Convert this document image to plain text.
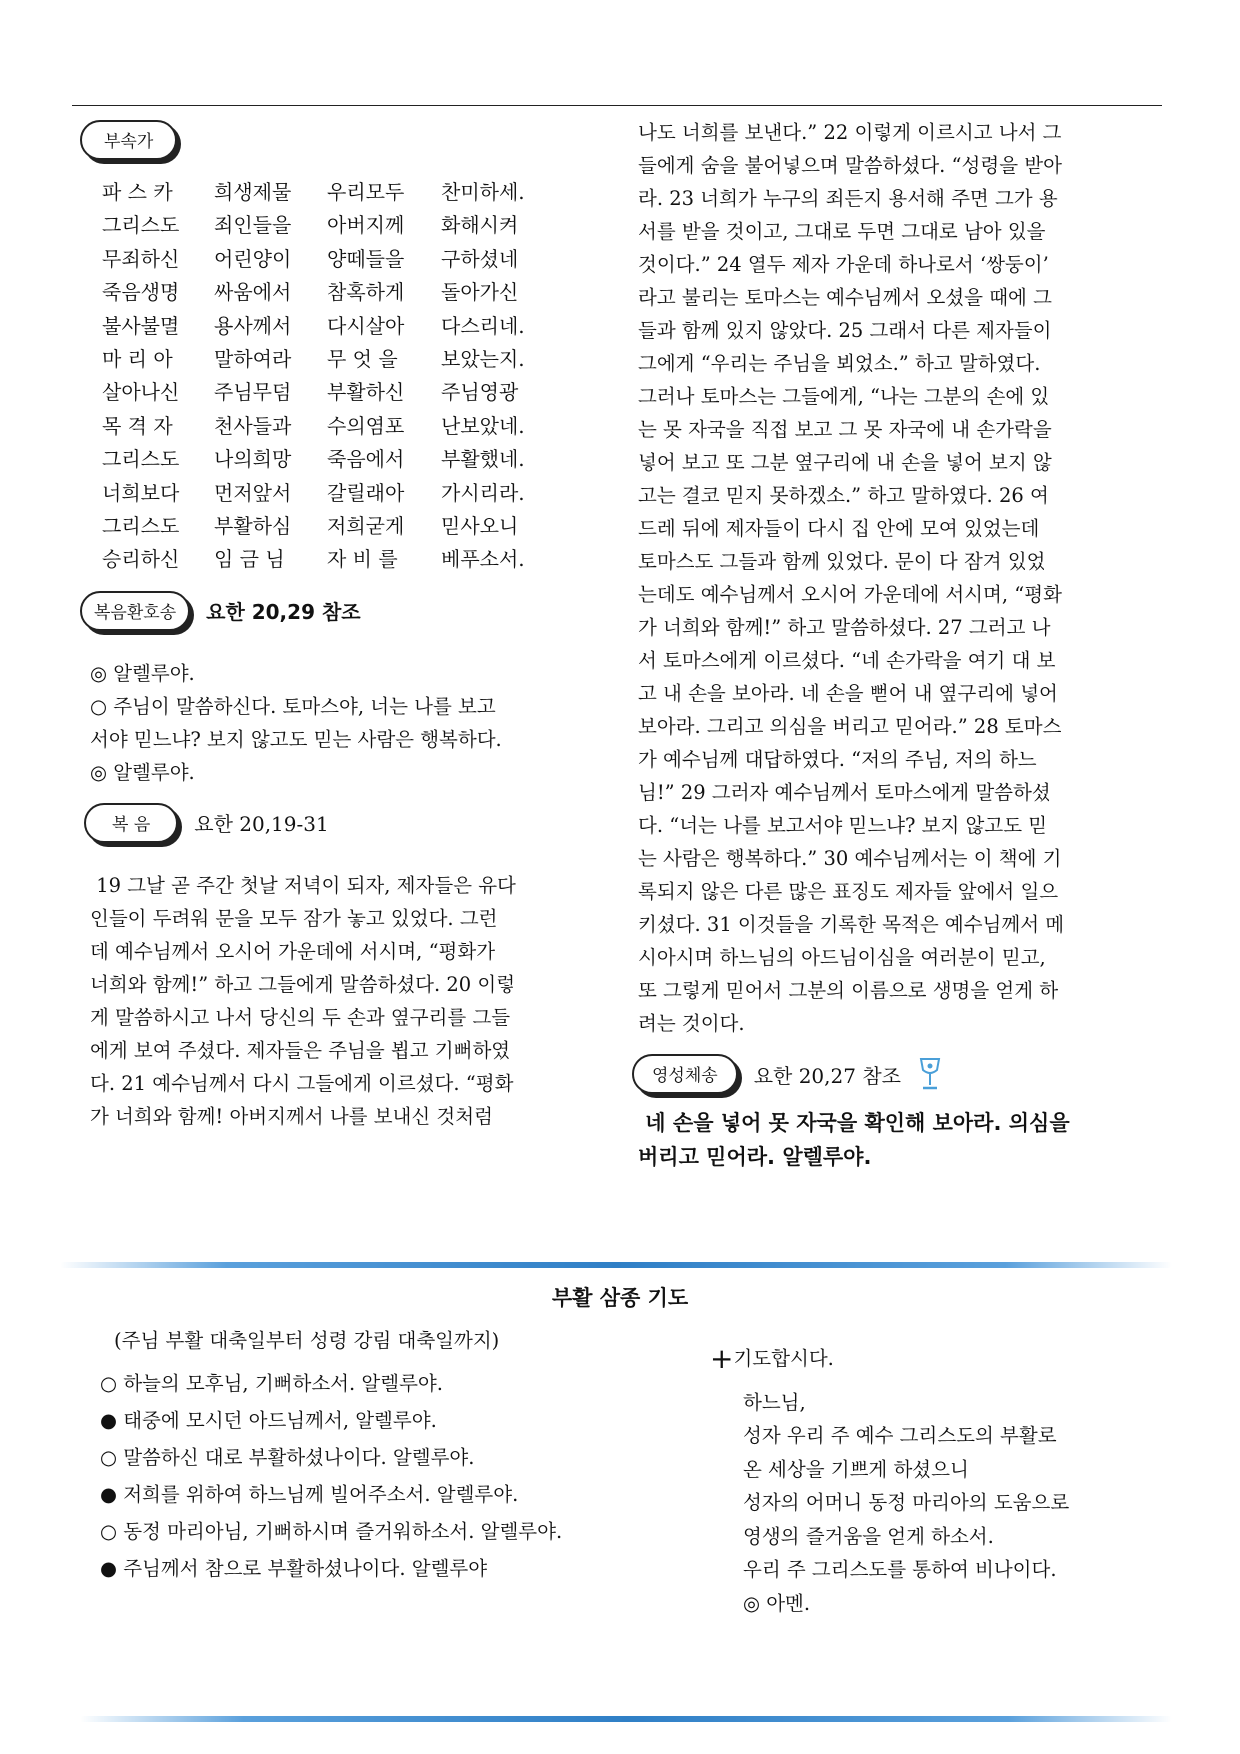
부속가
파 스 카	희생제물	우리모두	찬미하세.
그리스도	죄인들을	아버지께	화해시켜
무죄하신	어린양이	양떼들을	구하셨네
죽음생명	싸움에서	참혹하게	돌아가신
불사불멸	용사께서	다시살아	다스리네.
마 리 아	말하여라	무 엇 을	보았는지.
살아나신	주님무덤	부활하신	주님영광
목 격 자	천사들과	수의염포	난보았네.
그리스도	나의희망	죽음에서	부활했네.
너희보다	먼저앞서	갈릴래아	가시리라.
그리스도	부활하심	저희굳게	믿사오니
승리하신	임 금 님	자 비 를	베푸소서.
복음환호송	요한 20,29 참조
◎ 알렐루야.
○ 주님이 말씀하신다. 토마스야, 너는 나를 보고
서야 믿느냐? 보지 않고도 믿는 사람은 행복하다.
◎ 알렐루야.
복 음	요한 20,19-31
19 그날 곧 주간 첫날 저녁이 되자, 제자들은 유다
인들이 두려워 문을 모두 잠가 놓고 있었다. 그런
데 예수님께서 오시어 가운데에 서시며, “평화가
너희와 함께!” 하고 그들에게 말씀하셨다. 20 이렇
게 말씀하시고 나서 당신의 두 손과 옆구리를 그들
에게 보여 주셨다. 제자들은 주님을 뵙고 기뻐하였
다. 21 예수님께서 다시 그들에게 이르셨다. “평화
가 너희와 함께! 아버지께서 나를 보내신 것처럼
나도 너희를 보낸다.” 22 이렇게 이르시고 나서 그
들에게 숨을 불어넣으며 말씀하셨다. “성령을 받아
라. 23 너희가 누구의 죄든지 용서해 주면 그가 용
서를 받을 것이고, 그대로 두면 그대로 남아 있을
것이다.” 24 열두 제자 가운데 하나로서 ‘쌍둥이’
라고 불리는 토마스는 예수님께서 오셨을 때에 그
들과 함께 있지 않았다. 25 그래서 다른 제자들이
그에게 “우리는 주님을 뵈었소.” 하고 말하였다.
그러나 토마스는 그들에게, “나는 그분의 손에 있
는 못 자국을 직접 보고 그 못 자국에 내 손가락을
넣어 보고 또 그분 옆구리에 내 손을 넣어 보지 않
고는 결코 믿지 못하겠소.” 하고 말하였다. 26 여
드레 뒤에 제자들이 다시 집 안에 모여 있었는데
토마스도 그들과 함께 있었다. 문이 다 잠겨 있었
는데도 예수님께서 오시어 가운데에 서시며, “평화
가 너희와 함께!” 하고 말씀하셨다. 27 그러고 나
서 토마스에게 이르셨다. “네 손가락을 여기 대 보
고 내 손을 보아라. 네 손을 뻗어 내 옆구리에 넣어
보아라. 그리고 의심을 버리고 믿어라.” 28 토마스
가 예수님께 대답하였다. “저의 주님, 저의 하느
님!” 29 그러자 예수님께서 토마스에게 말씀하셨
다. “너는 나를 보고서야 믿느냐? 보지 않고도 믿
는 사람은 행복하다.” 30 예수님께서는 이 책에 기
록되지 않은 다른 많은 표징도 제자들 앞에서 일으
키셨다. 31 이것들을 기록한 목적은 예수님께서 메
시아시며 하느님의 아드님이심을 여러분이 믿고,
또 그렇게 믿어서 그분의 이름으로 생명을 얻게 하
려는 것이다.
영성체송	요한 20,27 참조
네 손을 넣어 못 자국을 확인해 보아라. 의심을
버리고 믿어라. 알렐루야.
부활 삼종 기도
(주님 부활 대축일부터 성령 강림 대축일까지)
○ 하늘의 모후님, 기뻐하소서. 알렐루야.
● 태중에 모시던 아드님께서, 알렐루야.
○ 말씀하신 대로 부활하셨나이다. 알렐루야.
● 저희를 위하여 하느님께 빌어주소서. 알렐루야.
○ 동정 마리아님, 기뻐하시며 즐거워하소서. 알렐루야.
● 주님께서 참으로 부활하셨나이다. 알렐루야
+기도합시다.
하느님,
성자 우리 주 예수 그리스도의 부활로
온 세상을 기쁘게 하셨으니
성자의 어머니 동정 마리아의 도움으로
영생의 즐거움을 얻게 하소서.
우리 주 그리스도를 통하여 비나이다.
◎ 아멘.
